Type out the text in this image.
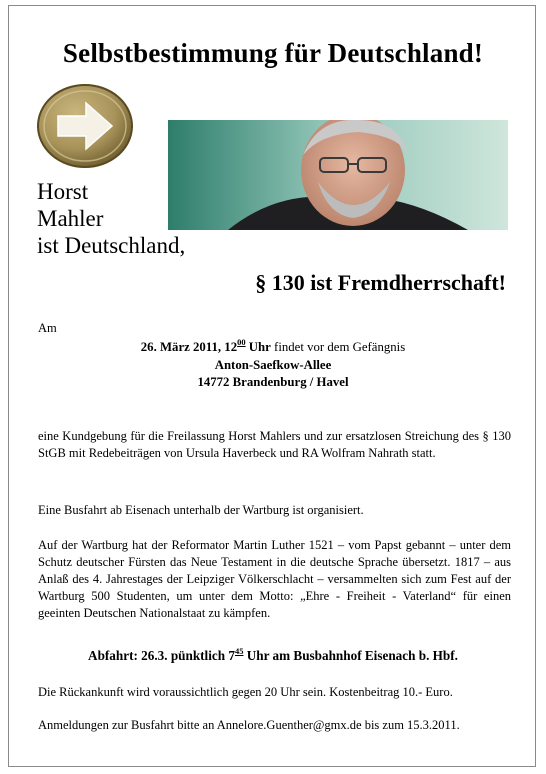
Selbstbestimmung für Deutschland!
Horst
Mahler
ist Deutschland,
§ 130 ist Fremdherrschaft!
Am
26. März 2011, $12^{00}$ Uhr findet vor dem Gefängnis
Anton-Saefkow-Allee
14772 Brandenburg / Havel
eine Kundgebung für die Freilassung Horst Mahlers und zur ersatzlosen Streichung des § 130 StGB mit Redebeiträgen von Ursula Haverbeck und RA Wolfram Nahrath statt.
Eine Busfahrt ab Eisenach unterhalb der Wartburg ist organisiert.
Auf der Wartburg hat der Reformator Martin Luther 1521 – vom Papst gebannt – unter dem Schutz deutscher Fürsten das Neue Testament in die deutsche Sprache übersetzt. 1817 – aus Anlaß des 4. Jahrestages der Leipziger Völkerschlacht – versammelten sich zum Fest auf der Wartburg 500 Studenten, um unter dem Motto: „Ehre - Freiheit - Vaterland“ für einen geeinten Deutschen Nationalstaat zu kämpfen.
Abfahrt: 26.3. pünktlich $7^{45}$ Uhr am Busbahnhof Eisenach b. Hbf.
Die Rückankunft wird voraussichtlich gegen 20 Uhr sein. Kostenbeitrag 10.- Euro.
Anmeldungen zur Busfahrt bitte an Annelore.Guenther@gmx.de bis zum 15.3.2011.
